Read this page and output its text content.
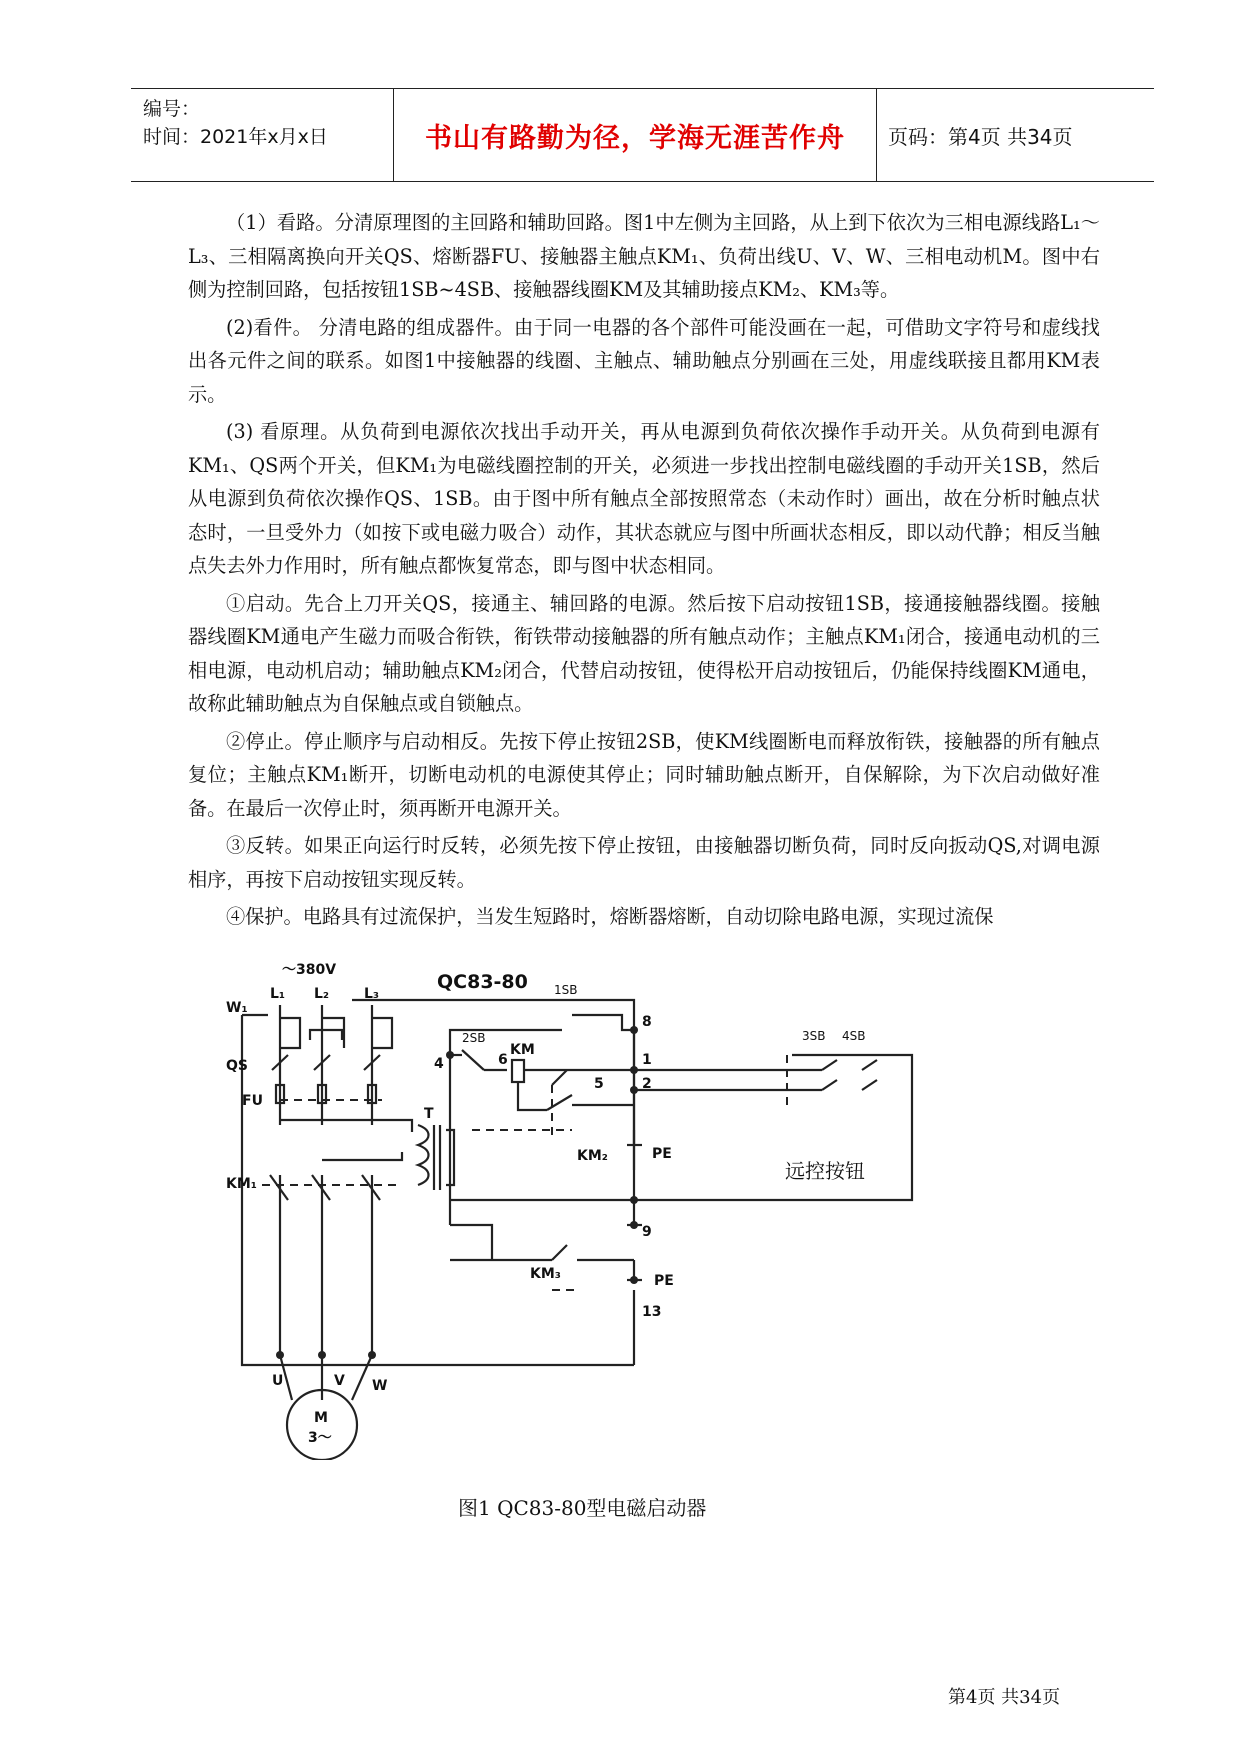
编号：
时间：2021年x月x日	书山有路勤为径，学海无涯苦作舟	页码：第4页 共34页

（1）看路。分清原理图的主回路和辅助回路。图1中左侧为主回路，从上到下依次为三相电源线路L₁～L₃、三相隔离换向开关QS、熔断器FU、接触器主触点KM₁、负荷出线U、V、W、三相电动机M。图中右侧为控制回路，包括按钮1SB~4SB、接触器线圈KM及其辅助接点KM₂、KM₃等。

(2)看件。 分清电路的组成器件。由于同一电器的各个部件可能没画在一起，可借助文字符号和虚线找出各元件之间的联系。如图1中接触器的线圈、主触点、辅助触点分别画在三处，用虚线联接且都用KM表示。

(3) 看原理。从负荷到电源依次找出手动开关，再从电源到负荷依次操作手动开关。从负荷到电源有KM₁、QS两个开关，但KM₁为电磁线圈控制的开关，必须进一步找出控制电磁线圈的手动开关1SB，然后从电源到负荷依次操作QS、1SB。由于图中所有触点全部按照常态（未动作时）画出，故在分析时触点状态时，一旦受外力（如按下或电磁力吸合）动作，其状态就应与图中所画状态相反，即以动代静；相反当触点失去外力作用时，所有触点都恢复常态，即与图中状态相同。

①启动。先合上刀开关QS，接通主、辅回路的电源。然后按下启动按钮1SB，接通接触器线圈。接触器线圈KM通电产生磁力而吸合衔铁，衔铁带动接触器的所有触点动作；主触点KM₁闭合，接通电动机的三相电源，电动机启动；辅助触点KM₂闭合，代替启动按钮，使得松开启动按钮后，仍能保持线圈KM通电，故称此辅助触点为自保触点或自锁触点。

②停止。停止顺序与启动相反。先按下停止按钮2SB，使KM线圈断电而释放衔铁，接触器的所有触点复位；主触点KM₁断开，切断电动机的电源使其停止；同时辅助触点断开，自保解除，为下次启动做好准备。在最后一次停止时，须再断开电源开关。

③反转。如果正向运行时反转，必须先按下停止按钮，由接触器切断负荷，同时反向扳动QS,对调电源相序，再按下启动按钮实现反转。

④保护。电路具有过流保护，当发生短路时，熔断器熔断，自动切除电路电源，实现过流保

～380V
QC83-80
W₁
L₁ L₂ L₃
QS
FU
T
KM₁
1SB
2SB	3SB 4SB
KM
KM₂
KM₃
PE
PE
4	6
8
1
2
5
9
13
远控按钮
U	V W
M
3～
图1 QC83-80型电磁启动器
第4页 共34页
